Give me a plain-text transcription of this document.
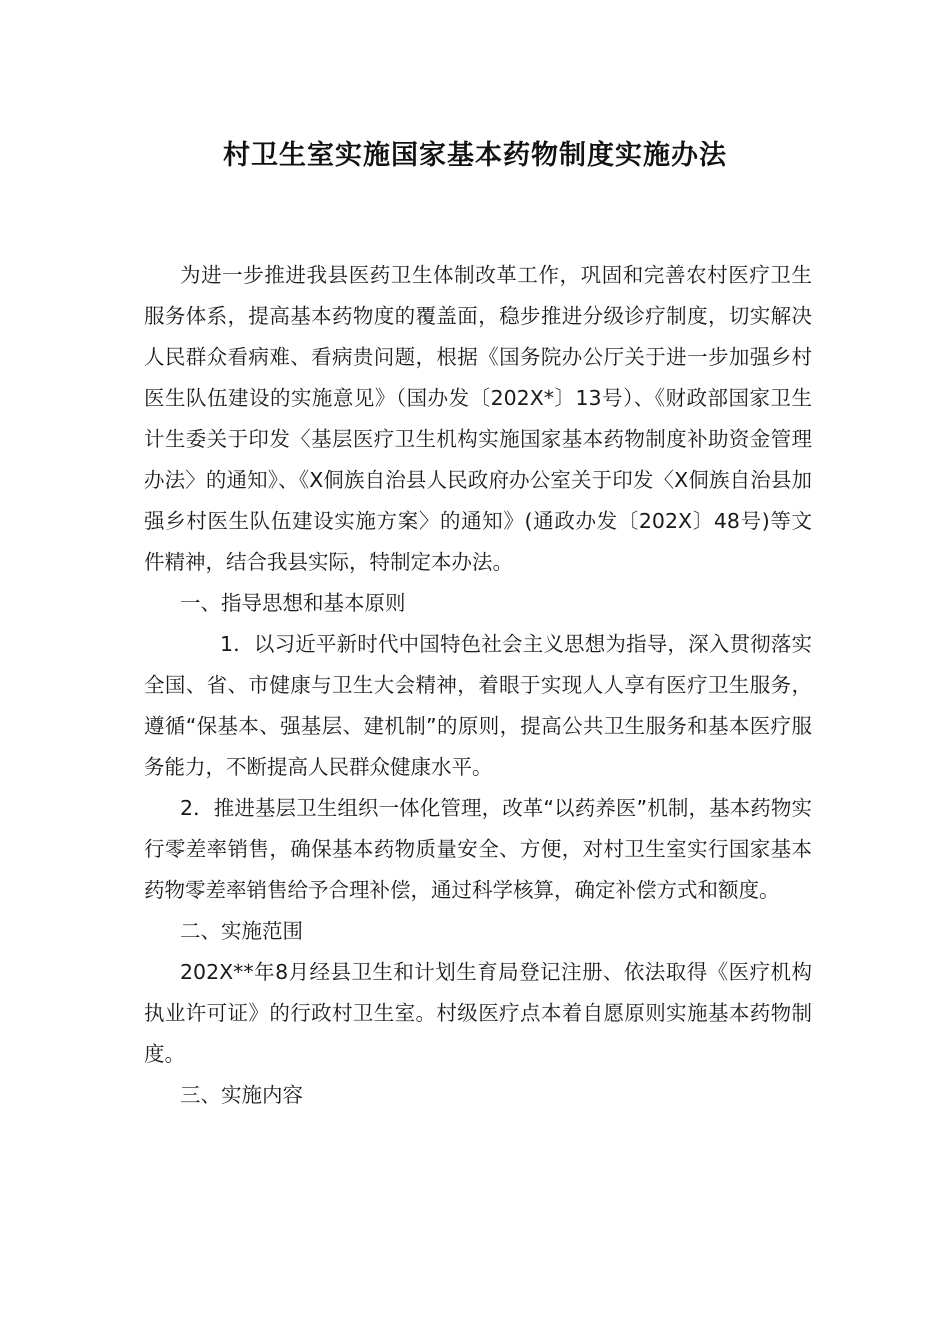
村卫生室实施国家基本药物制度实施办法

为进一步推进我县医药卫生体制改革工作，巩固和完善农村医疗卫生服务体系，提高基本药物度的覆盖面，稳步推进分级诊疗制度，切实解决人民群众看病难、看病贵问题，根据《国务院办公厅关于进一步加强乡村医生队伍建设的实施意见》（国办发〔202X*〕13号）、《财政部国家卫生计生委关于印发〈基层医疗卫生机构实施国家基本药物制度补助资金管理办法〉的通知》、《X侗族自治县人民政府办公室关于印发〈X侗族自治县加强乡村医生队伍建设实施方案〉的通知》(通政办发〔202X〕48号)等文件精神，结合我县实际，特制定本办法。

一、指导思想和基本原则

1．以习近平新时代中国特色社会主义思想为指导，深入贯彻落实全国、省、市健康与卫生大会精神，着眼于实现人人享有医疗卫生服务，遵循“保基本、强基层、建机制”的原则，提高公共卫生服务和基本医疗服务能力，不断提高人民群众健康水平。

2．推进基层卫生组织一体化管理，改革“以药养医”机制，基本药物实行零差率销售，确保基本药物质量安全、方便，对村卫生室实行国家基本药物零差率销售给予合理补偿，通过科学核算，确定补偿方式和额度。

二、实施范围

202X**年8月经县卫生和计划生育局登记注册、依法取得《医疗机构执业许可证》的行政村卫生室。村级医疗点本着自愿原则实施基本药物制度。

三、实施内容
